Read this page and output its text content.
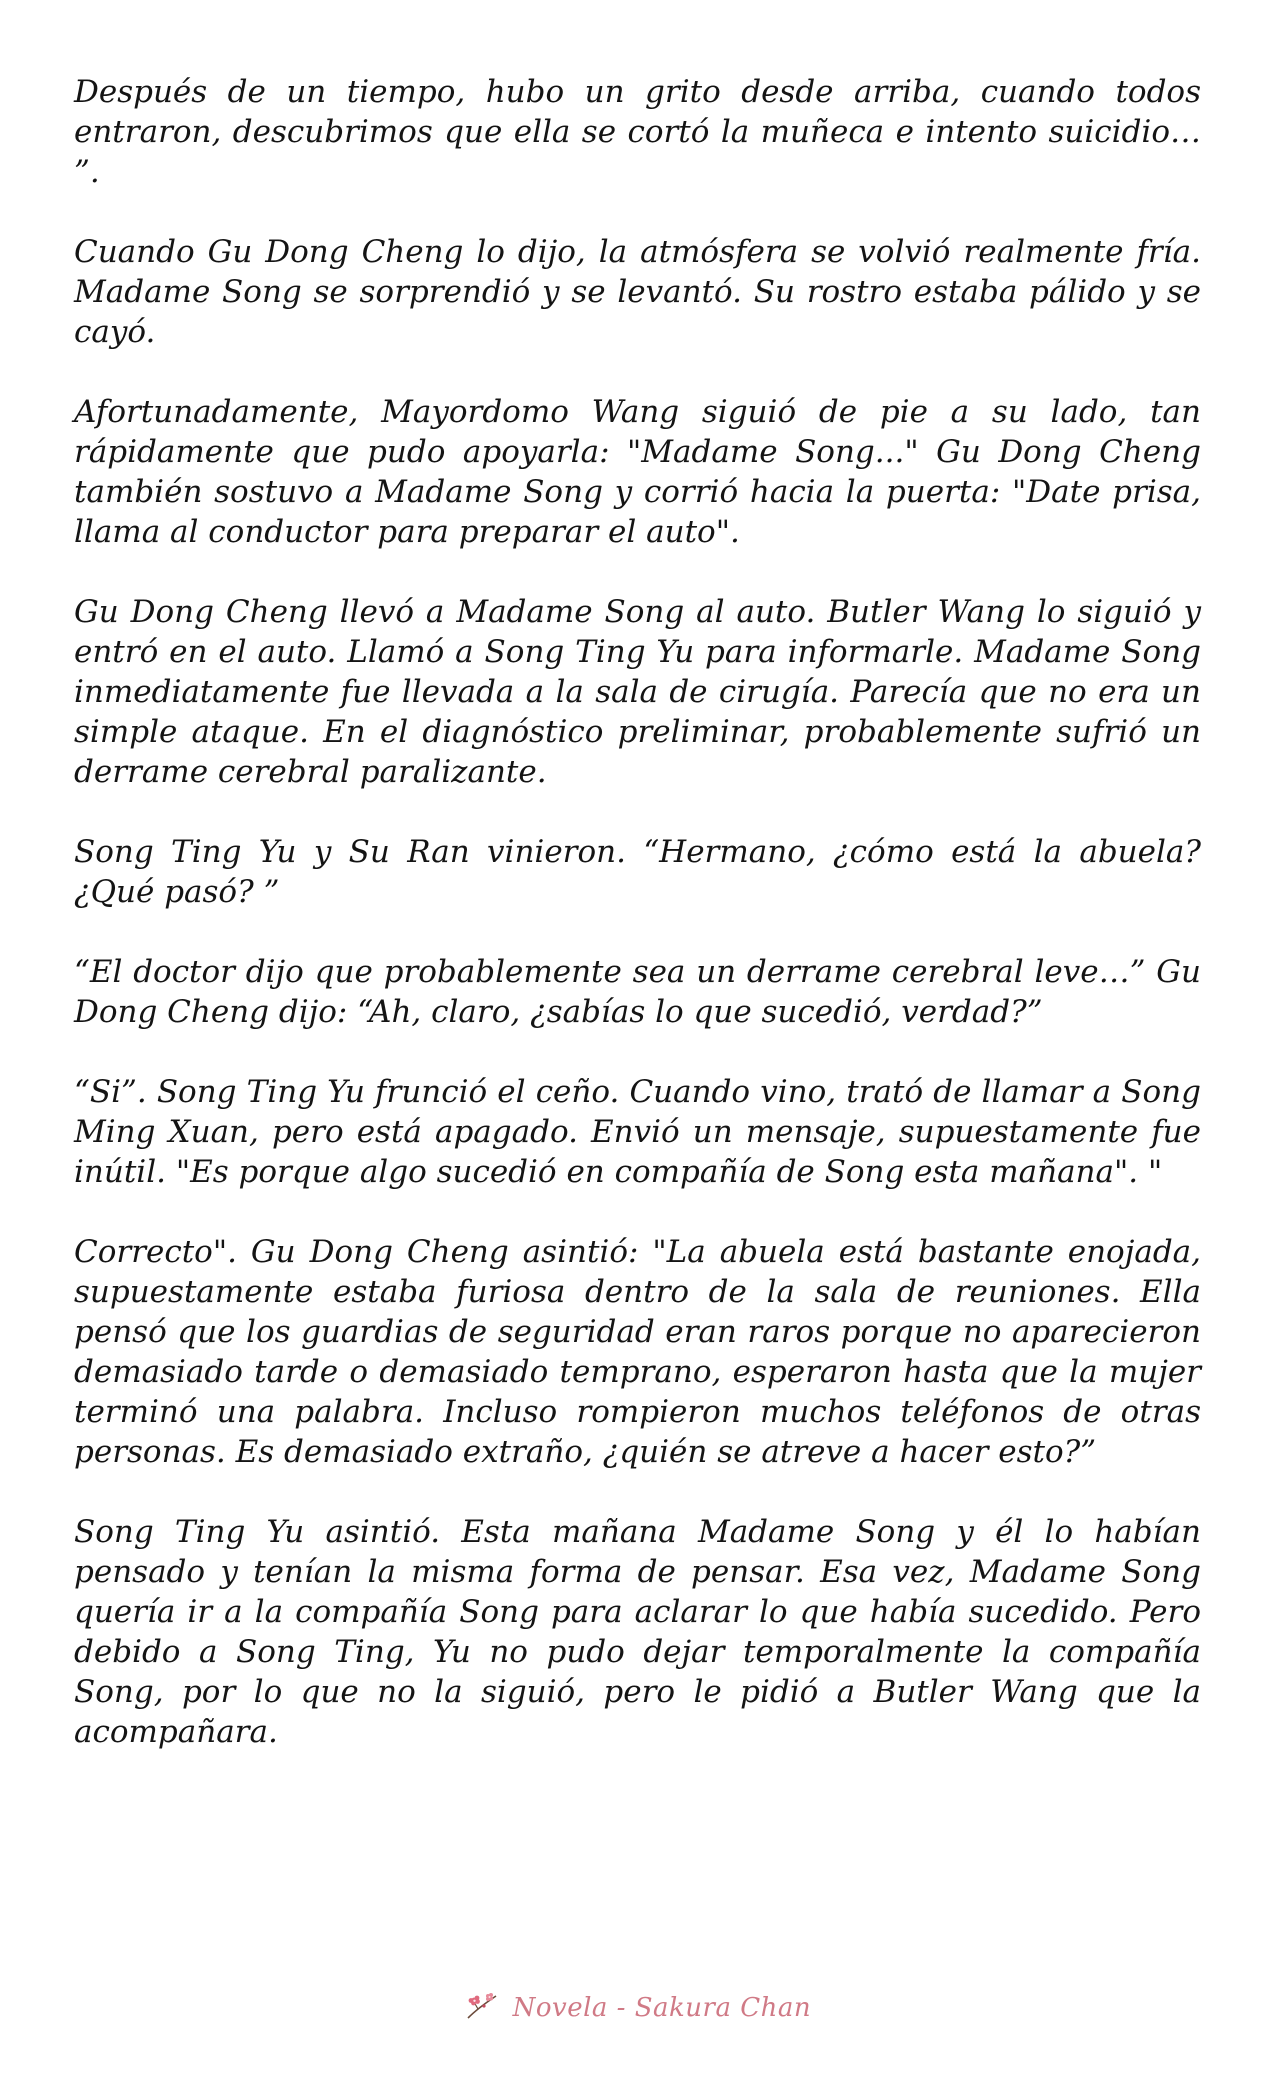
Después de un tiempo, hubo un grito desde arriba, cuando todos entraron, descubrimos que ella se cortó la muñeca e intento suicidio… ”.

Cuando Gu Dong Cheng lo dijo, la atmósfera se volvió realmente fría. Madame Song se sorprendió y se levantó. Su rostro estaba pálido y se cayó.

Afortunadamente, Mayordomo Wang siguió de pie a su lado, tan rápidamente que pudo apoyarla: "Madame Song..." Gu Dong Cheng también sostuvo a Madame Song y corrió hacia la puerta: "Date prisa, llama al conductor para preparar el auto".

Gu Dong Cheng llevó a Madame Song al auto. Butler Wang lo siguió y entró en el auto. Llamó a Song Ting Yu para informarle. Madame Song inmediatamente fue llevada a la sala de cirugía. Parecía que no era un simple ataque. En el diagnóstico preliminar, probablemente sufrió un derrame cerebral paralizante.

Song Ting Yu y Su Ran vinieron. “Hermano, ¿cómo está la abuela? ¿Qué pasó? ”

“El doctor dijo que probablemente sea un derrame cerebral leve…” Gu Dong Cheng dijo: “Ah, claro, ¿sabías lo que sucedió, verdad?”

“Si”. Song Ting Yu frunció el ceño. Cuando vino, trató de llamar a Song Ming Xuan, pero está apagado. Envió un mensaje, supuestamente fue inútil. "Es porque algo sucedió en compañía de Song esta mañana". "

Correcto". Gu Dong Cheng asintió: "La abuela está bastante enojada, supuestamente estaba furiosa dentro de la sala de reuniones. Ella pensó que los guardias de seguridad eran raros porque no aparecieron demasiado tarde o demasiado temprano, esperaron hasta que la mujer terminó una palabra. Incluso rompieron muchos teléfonos de otras personas. Es demasiado extraño, ¿quién se atreve a hacer esto?”

Song Ting Yu asintió. Esta mañana Madame Song y él lo habían pensado y tenían la misma forma de pensar. Esa vez, Madame Song quería ir a la compañía Song para aclarar lo que había sucedido. Pero debido a Song Ting, Yu no pudo dejar temporalmente la compañía Song, por lo que no la siguió, pero le pidió a Butler Wang que la acompañara.

Novela - Sakura Chan
